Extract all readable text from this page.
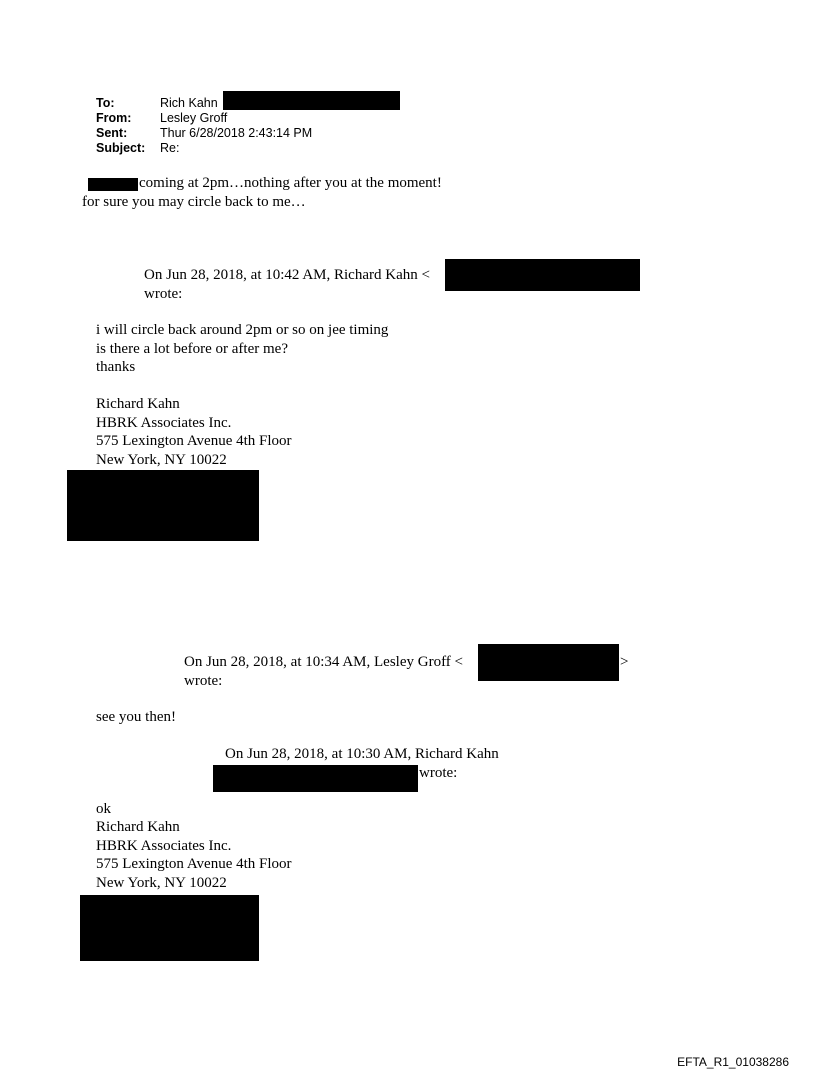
To:	Rich Kahn
From: Lesley Groff
Sent:	Thur 6/28/2018 2:43:14 PM
Subject: Re:
coming at 2pm…nothing after you at the moment!
for sure you may circle back to me…
On Jun 28, 2018, at 10:42 AM, Richard Kahn <
wrote:
i will circle back around 2pm or so on jee timing
is there a lot before or after me?
thanks
Richard Kahn
HBRK Associates Inc.
575 Lexington Avenue 4th Floor
New York, NY 10022
On Jun 28, 2018, at 10:34 AM, Lesley Groff <	>
wrote:
see you then!
On Jun 28, 2018, at 10:30 AM, Richard Kahn
wrote:
ok
Richard Kahn
HBRK Associates Inc.
575 Lexington Avenue 4th Floor
New York, NY 10022
EFTA_R1_01038286
